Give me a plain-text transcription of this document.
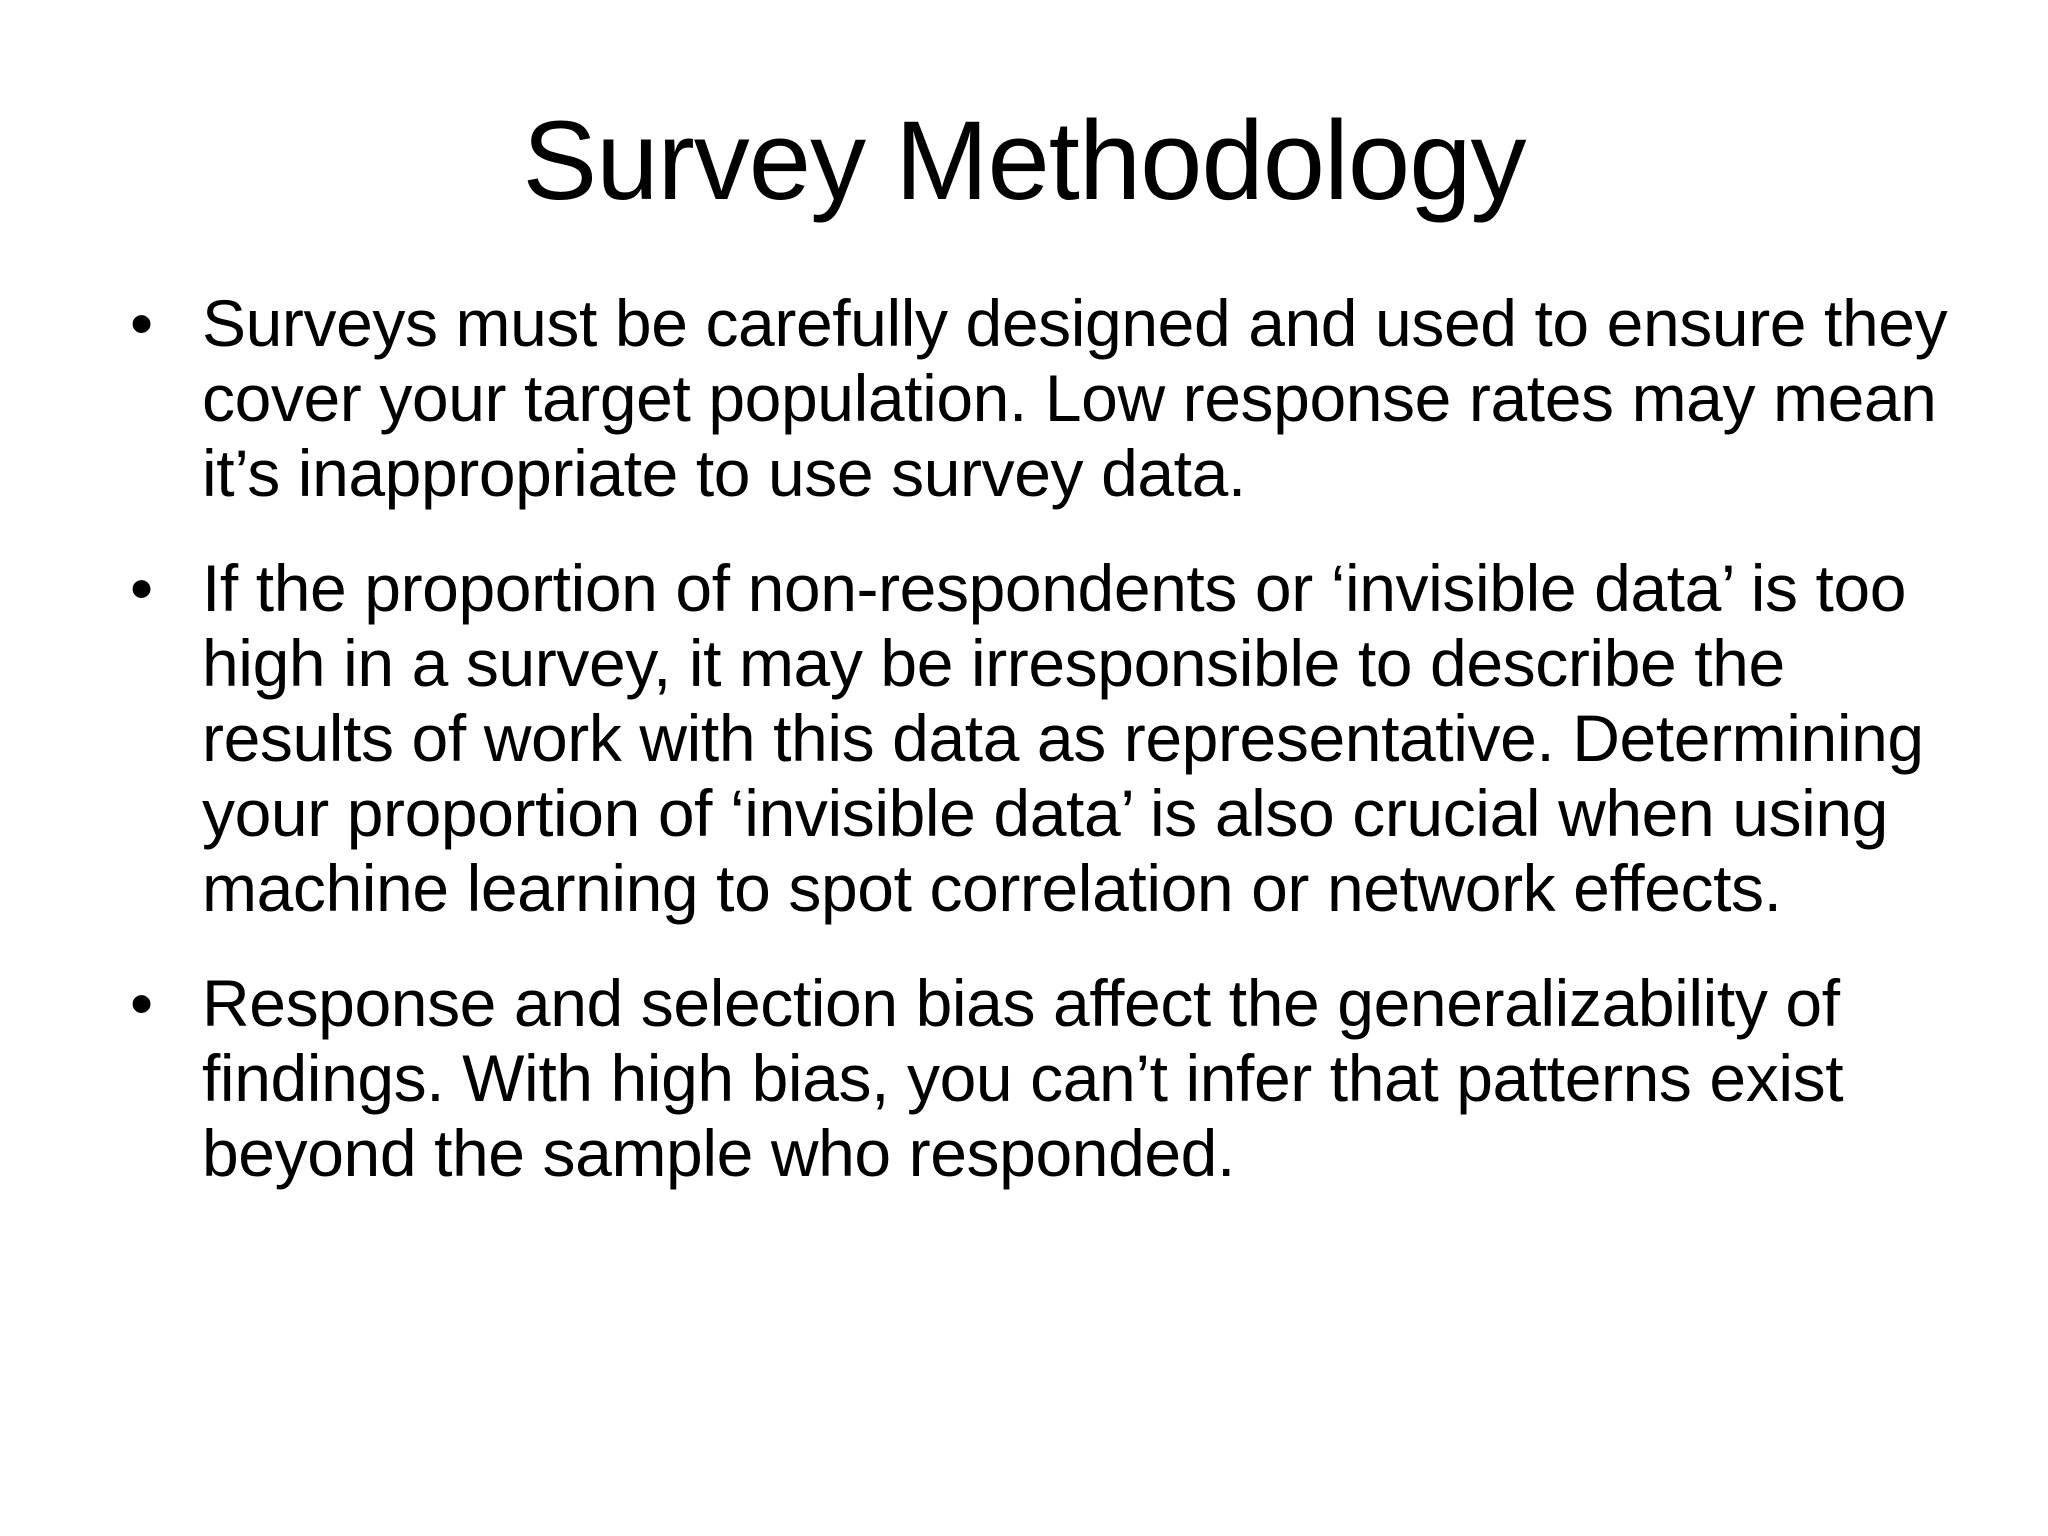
Survey Methodology
• Surveys must be carefully designed and used to ensure they cover your target population. Low response rates may mean it’s inappropriate to use survey data.
• If the proportion of non-respondents or ‘invisible data’ is too high in a survey, it may be irresponsible to describe the results of work with this data as representative. Determining your proportion of ‘invisible data’ is also crucial when using machine learning to spot correlation or network effects.
• Response and selection bias affect the generalizability of findings. With high bias, you can’t infer that patterns exist beyond the sample who responded.
